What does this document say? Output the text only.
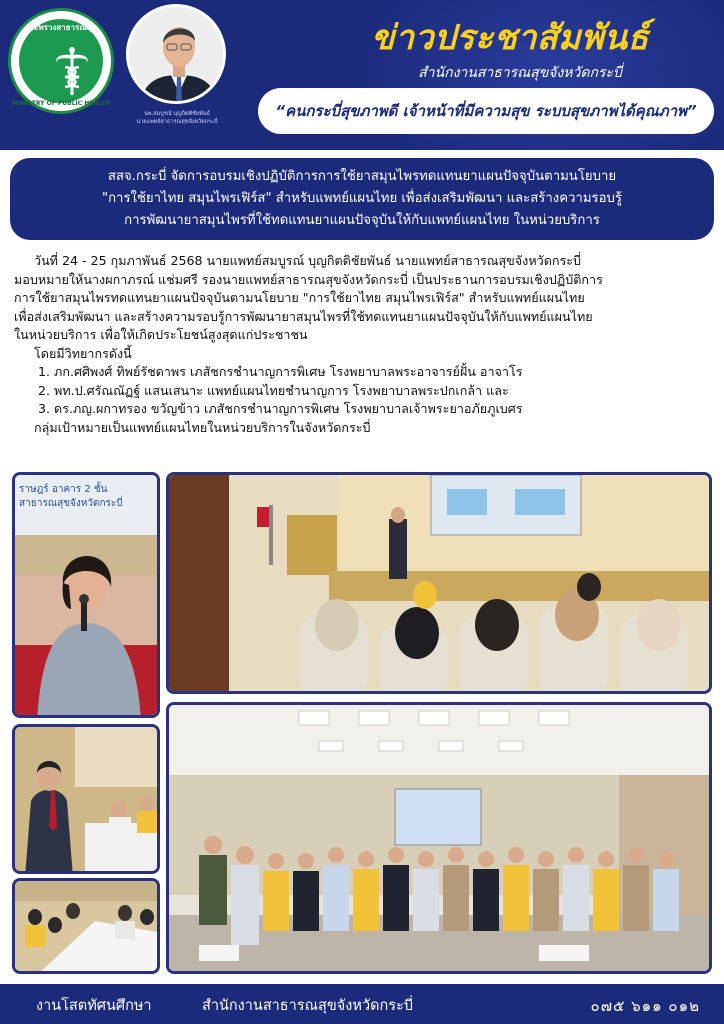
กระทรวงสาธารณสุข
MINISTRY OF PUBLIC HEALTH
นพ.สมบูรณ์ บุญกิตติชัยพันธ์
นายแพทย์สาธารณสุขจังหวัดกระบี่
ข่าวประชาสัมพันธ์
สำนักงานสาธารณสุขจังหวัดกระบี่
“คนกระบี่สุขภาพดี เจ้าหน้าที่มีความสุข ระบบสุขภาพได้คุณภาพ”
สสจ.กระบี่ จัดการอบรมเชิงปฏิบัติการการใช้ยาสมุนไพรทดแทนยาแผนปัจจุบันตามนโยบาย
"การใช้ยาไทย สมุนไพรเฟิร์ส" สำหรับแพทย์แผนไทย เพื่อส่งเสริมพัฒนา และสร้างความรอบรู้
การพัฒนายาสมุนไพรที่ใช้ทดแทนยาแผนปัจจุบันให้กับแพทย์แผนไทย ในหน่วยบริการ

วันที่ 24 - 25 กุมภาพันธ์ 2568 นายแพทย์สมบูรณ์ บุญกิตติชัยพันธ์ นายแพทย์สาธารณสุขจังหวัดกระบี่

มอบหมายให้นางผกาภรณ์ แช่มศรี รองนายแพทย์สาธารณสุขจังหวัดกระบี่ เป็นประธานการอบรมเชิงปฏิบัติการ

การใช้ยาสมุนไพรทดแทนยาแผนปัจจุบันตามนโยบาย "การใช้ยาไทย สมุนไพรเฟิร์ส" สำหรับแพทย์แผนไทย

เพื่อส่งเสริมพัฒนา และสร้างความรอบรู้การพัฒนายาสมุนไพรที่ใช้ทดแทนยาแผนปัจจุบันให้กับแพทย์แผนไทย

ในหน่วยบริการ เพื่อให้เกิดประโยชน์สูงสุดแก่ประชาชน

โดยมีวิทยากรดังนี้

1. ภก.ศศิพงศ์ ทิพย์รัชดาพร เภสัชกรชำนาญการพิเศษ โรงพยาบาลพระอาจารย์ฝั้น อาจาโร

2. พท.ป.ศรัณณัฏฐ์ แสนเสนาะ แพทย์แผนไทยชำนาญการ โรงพยาบาลพระปกเกล้า และ

3. ดร.ภญ.ผกาทรอง ขวัญข้าว เภสัชกรชำนาญการพิเศษ โรงพยาบาลเจ้าพระยาอภัยภูเบศร

กลุ่มเป้าหมายเป็นแพทย์แผนไทยในหน่วยบริการในจังหวัดกระบี่

ราษฎร์ อาคาร 2 ชั้น
สาธารณสุขจังหวัดกระบี่
งานโสตทัศนศึกษา	สำนักงานสาธารณสุขจังหวัดกระบี่	๐๗๕ ๖๑๑ ๐๑๒
